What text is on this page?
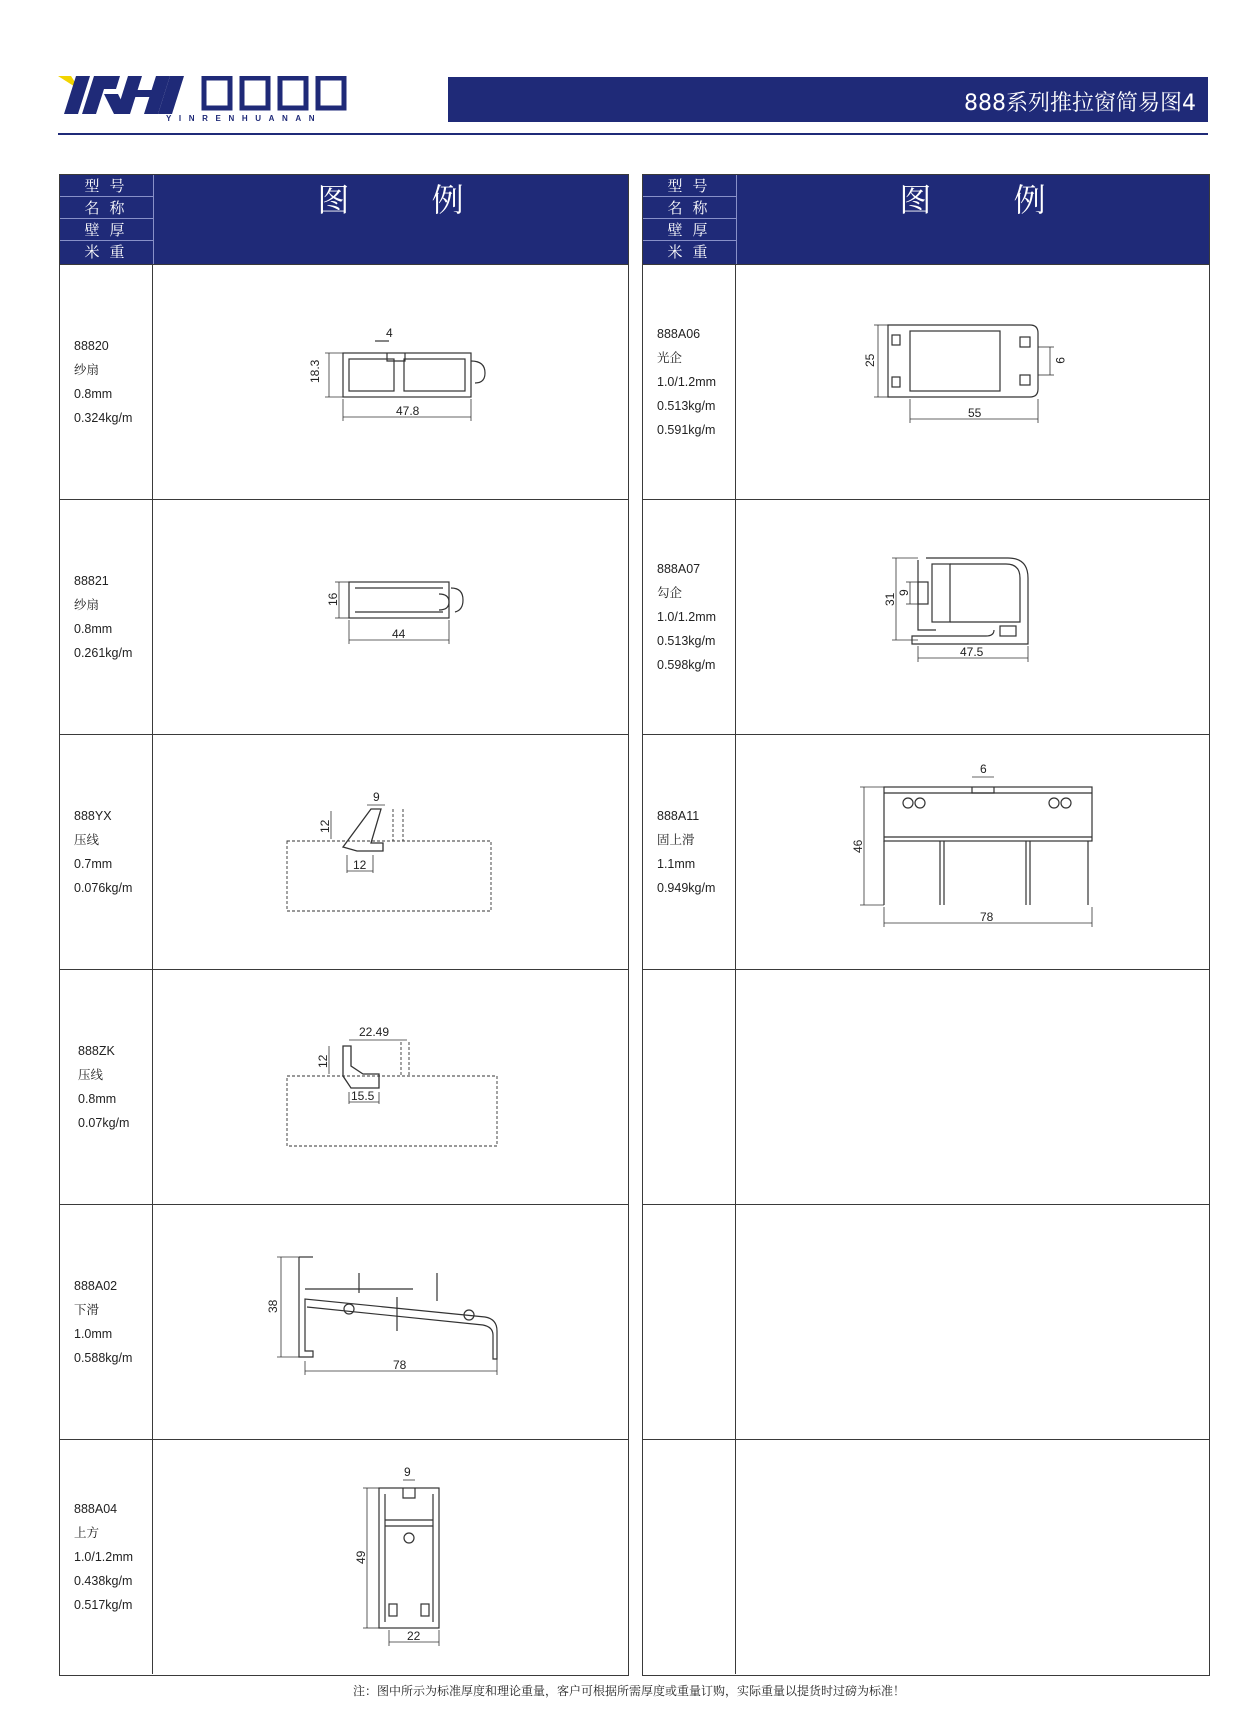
YINRENHUANAN
888系列推拉窗简易图4
型号
名称
壁厚
米重
图 例
88820
纱扇
0.8mm
0.324kg/m
4
18.3
47.8
88821
纱扇
0.8mm
0.261kg/m
16
44
888YX
压线
0.7mm
0.076kg/m
9
12
12
888ZK
压线
0.8mm
0.07kg/m
22.49
12
15.5
888A02
下滑
1.0mm
0.588kg/m
38
78
888A04
上方
1.0/1.2mm
0.438kg/m
0.517kg/m
9
49
22
型号
名称
壁厚
米重
图 例
888A06
光企
1.0/1.2mm
0.513kg/m
0.591kg/m
25	9
55
888A07
勾企
1.0/1.2mm
0.513kg/m
0.598kg/m
31 9
47.5
888A11
固上滑
1.1mm
0.949kg/m
6
46
78
注：图中所示为标准厚度和理论重量，客户可根据所需厚度或重量订购，实际重量以提货时过磅为标准！
